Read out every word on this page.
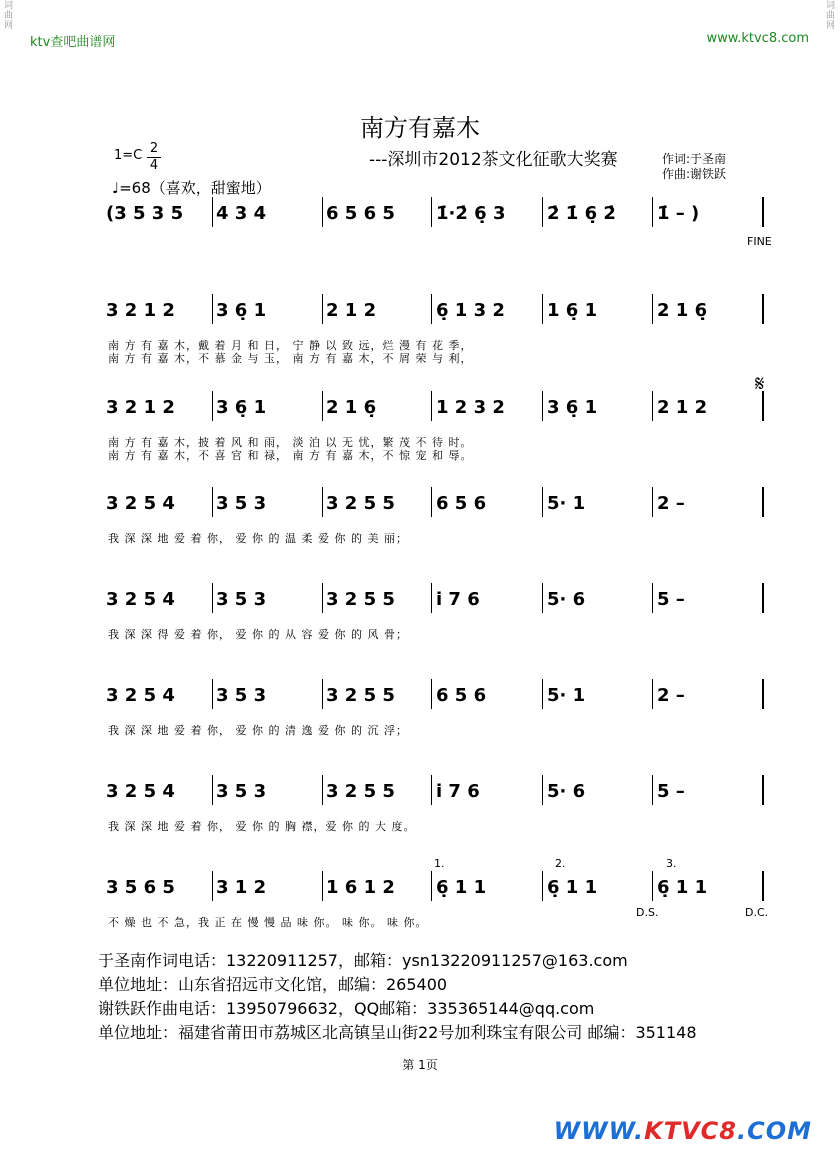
词曲网	词曲网
ktv查吧曲谱网	www.ktvc8.com
南方有嘉木
---深圳市2012茶文化征歌大奖赛	作词:于圣南
作曲:谢铁跃
$1=C \frac{2}{4}$
♩=68（喜欢，甜蜜地）
(3 5 3 5 4 3 4	6 5 6 5 1̇·2̇ 6̣ 3 2̇ 1̇ 6̣ 2̇ 1̇ – )
3 2 1 2 3 6̣ 1	2 1 2	6̣ 1 3 2 1 6̣ 1	2 1 6̣
南 方 有 嘉 木，戴 着 月 和 日， 宁 静 以 致 远，烂 漫 有 花 季，
南 方 有 嘉 木，不 慕 金 与 玉， 南 方 有 嘉 木，不 屑 荣 与 利，
3 2 1 2 3 6̣ 1	2 1 6̣	1 2 3 2 3 6̣ 1	2 1 2
南 方 有 嘉 木，披 着 风 和 雨， 淡 泊 以 无 忧，繁 茂 不 待 时。
南 方 有 嘉 木，不 喜 官 和 禄， 南 方 有 嘉 木，不 惊 宠 和 辱。
3 2 5 4 3 5 3	3 2 5 5 6 5 6	5· 1	2 –
我 深 深 地 爱 着 你， 爱 你 的 温 柔 爱 你 的 美 丽；
3 2 5 4 3 5 3	3 2 5 5 i 7 6	5· 6	5 –
我 深 深 得 爱 着 你， 爱 你 的 从 容 爱 你 的 风 骨；
3 2 5 4 3 5 3	3 2 5 5 6 5 6	5· 1	2 –
我 深 深 地 爱 着 你， 爱 你 的 清 逸 爱 你 的 沉 浮；
3 2 5 4 3 5 3	3 2 5 5 i 7 6	5· 6	5 –
我 深 深 地 爱 着 你， 爱 你 的 胸 襟，爱 你 的 大 度。
3 5 6 5 3 1 2	1 6 1 2 6̣ 1 1	6̣ 1 1	6̣ 1 1
不 燥 也 不 急，我 正 在 慢 慢 品 味 你。 味 你。 味 你。
FINE
𝄋
D.S.	D.C.
1.	2.	3.
于圣南作词电话：13220911257，邮箱：ysn13220911257@163.com
单位地址：山东省招远市文化馆，邮编：265400
谢铁跃作曲电话：13950796632，QQ邮箱：335365144@qq.com
单位地址：福建省莆田市荔城区北高镇呈山街22号加利珠宝有限公司 邮编：351148
第 1页
WWW.KTVC8.COM
